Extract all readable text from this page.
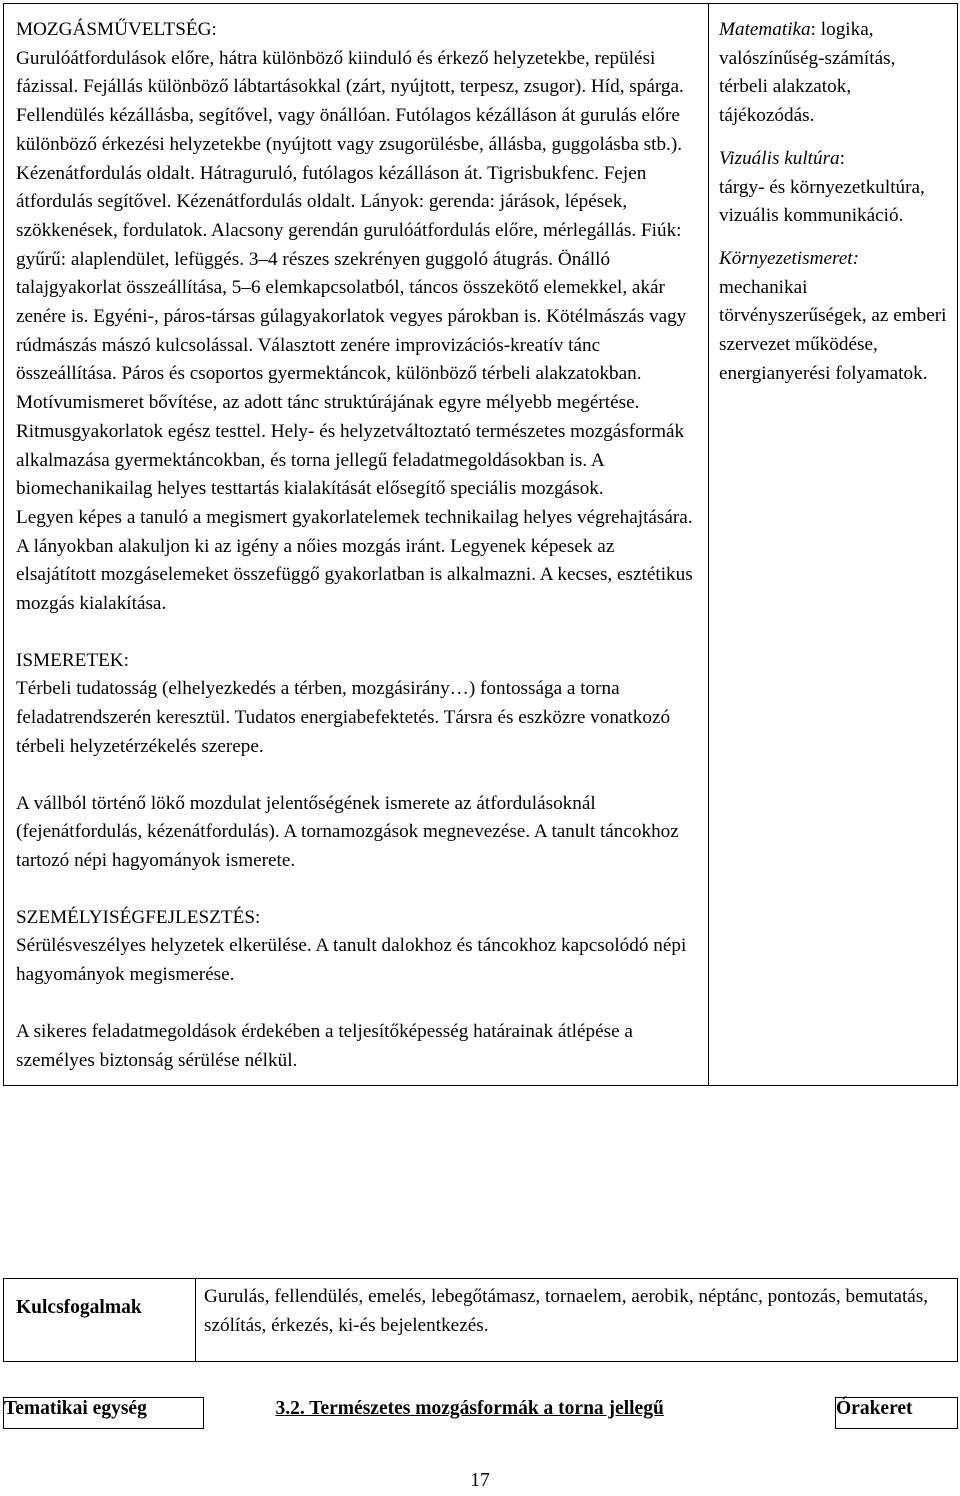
MOZGÁSMŰVELTSÉG:
Gurulóátfordulások előre, hátra különböző kiinduló és érkező helyzetekbe, repülési fázissal. Fejállás különböző lábtartásokkal (zárt, nyújtott, terpesz, zsugor). Híd, spárga. Fellendülés kézállásba, segítővel, vagy önállóan. Futólagos kézálláson át gurulás előre különböző érkezési helyzetekbe (nyújtott vagy zsugorülésbe, állásba, guggolásba stb.). Kézenátfordulás oldalt. Hátraguruló, futólagos kézálláson át. Tigrisbukfenc. Fejen átfordulás segítővel. Kézenátfordulás oldalt. Lányok: gerenda: járások, lépések, szökkenések, fordulatok. Alacsony gerendán gurulóátfordulás előre, mérlegállás. Fiúk: gyűrű: alaplendület, lefüggés. 3–4 részes szekrényen guggoló átugrás. Önálló talajgyakorlat összeállítása, 5–6 elemkapcsolatból, táncos összekötő elemekkel, akár zenére is. Egyéni-, páros-társas gúlagyakorlatok vegyes párokban is. Kötélmászás vagy rúdmászás mászó kulcsolással. Választott zenére improvizációs-kreatív tánc összeállítása. Páros és csoportos gyermektáncok, különböző térbeli alakzatokban. Motívumismeret bővítése, az adott tánc struktúrájának egyre mélyebb megértése. Ritmusgyakorlatok egész testtel. Hely- és helyzetváltoztató természetes mozgásformák alkalmazása gyermektáncokban, és torna jellegű feladatmegoldásokban is. A biomechanikailag helyes testtartás kialakítását elősegítő speciális mozgások.
Legyen képes a tanuló a megismert gyakorlatelemek technikailag helyes végrehajtására. A lányokban alakuljon ki az igény a nőies mozgás iránt. Legyenek képesek az elsajátított mozgáselemeket összefüggő gyakorlatban is alkalmazni. A kecses, esztétikus mozgás kialakítása.
ISMERETEK:
Térbeli tudatosság (elhelyezkedés a térben, mozgásirány…) fontossága a torna feladatrendszerén keresztül. Tudatos energiabefektetés. Társra és eszközre vonatkozó térbeli helyzetérzékelés szerepe.
A vállból történő lökő mozdulat jelentőségének ismerete az átfordulásoknál (fejenátfordulás, kézenátfordulás). A tornamozgások megnevezése. A tanult táncokhoz tartozó népi hagyományok ismerete.
SZEMÉLYISÉGFEJLESZTÉS:
Sérülésveszélyes helyzetek elkerülése. A tanult dalokhoz és táncokhoz kapcsolódó népi hagyományok megismerése.
A sikeres feladatmegoldások érdekében a teljesítőképesség határainak átlépése a személyes biztonság sérülése nélkül.

Matematika: logika, valószínűség-számítás, térbeli alakzatok, tájékozódás.
Vizuális kultúra:
tárgy- és környezetkultúra, vizuális kommunikáció.
Környezetismeret:
mechanikai törvényszerűségek, az emberi szervezet működése, energianyerési folyamatok.
Kulcsfogalmak	Gurulás, fellendülés, emelés, lebegőtámasz, tornaelem, aerobik, néptánc, pontozás, bemutatás, szólítás, érkezés, ki-és bejelentkezés.
Tematikai egység		3.2. Természetes mozgásformák a torna jellegű	Órakeret
17
